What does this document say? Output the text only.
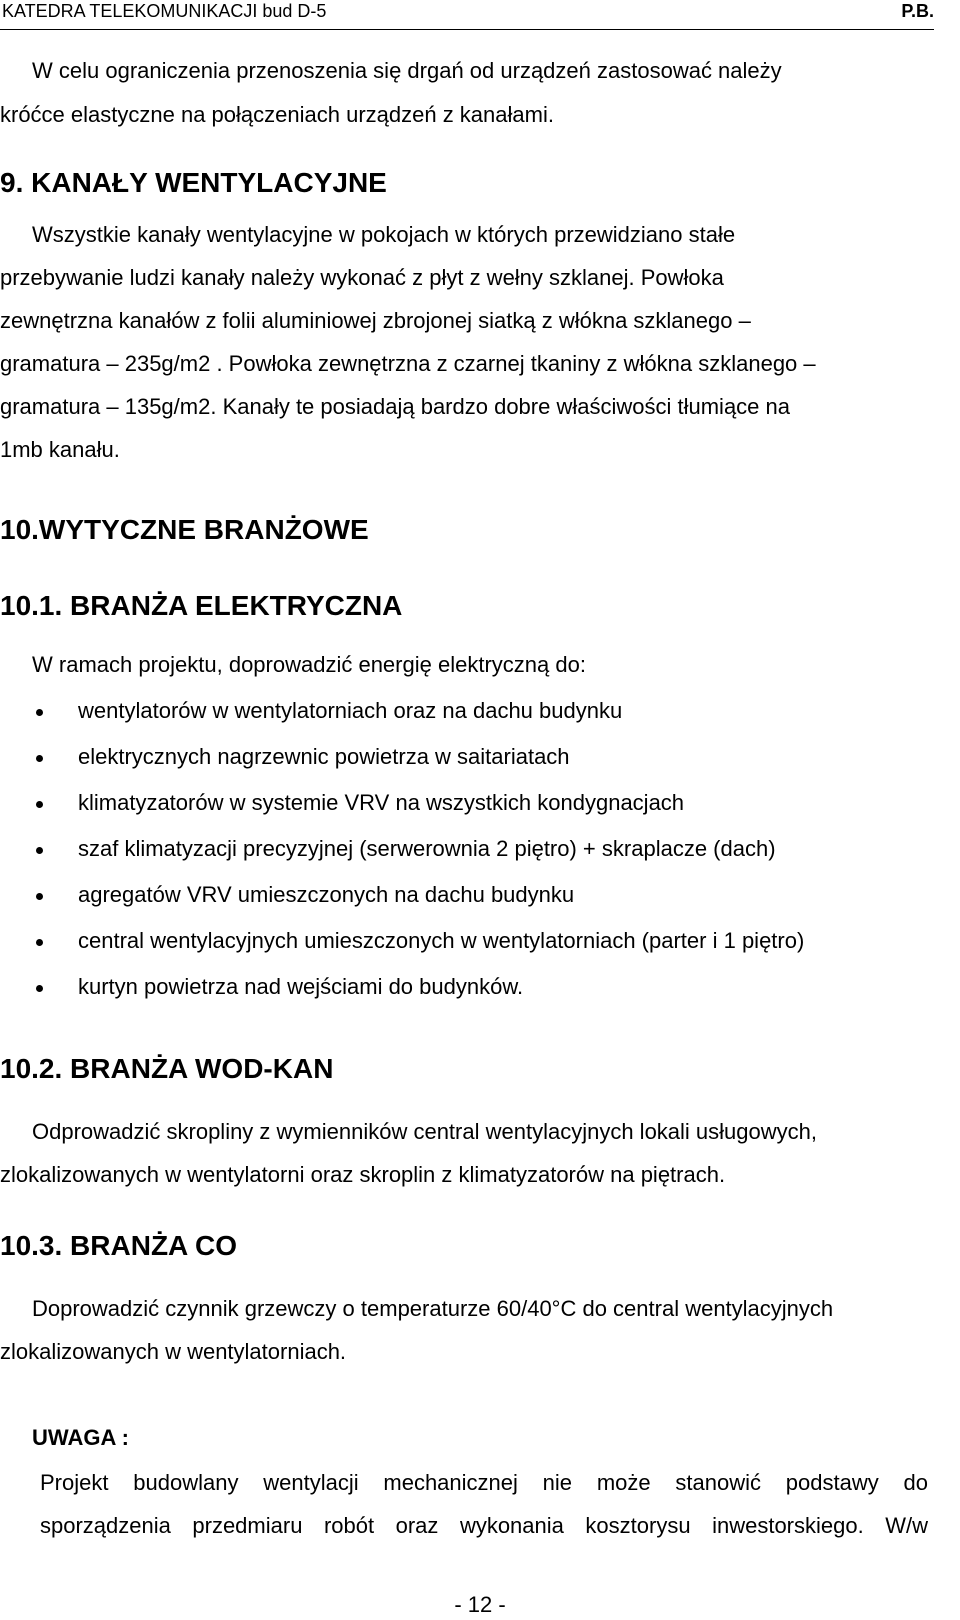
KATEDRA TELEKOMUNIKACJI bud D-5	P.B.
W celu ograniczenia przenoszenia się drgań od urządzeń zastosować należy
króćce elastyczne na połączeniach urządzeń z kanałami.
9. KANAŁY WENTYLACYJNE
Wszystkie kanały wentylacyjne w pokojach w których przewidziano stałe
przebywanie ludzi kanały należy wykonać z płyt z wełny szklanej. Powłoka
zewnętrzna kanałów z folii aluminiowej zbrojonej siatką z włókna szklanego –
gramatura – 235g/m2 . Powłoka zewnętrzna z czarnej tkaniny z włókna szklanego –
gramatura – 135g/m2. Kanały te posiadają bardzo dobre właściwości tłumiące na
1mb kanału.
10.WYTYCZNE BRANŻOWE
10.1. BRANŻA ELEKTRYCZNA
W ramach projektu, doprowadzić energię elektryczną do:
wentylatorów w wentylatorniach oraz na dachu budynku
elektrycznych nagrzewnic powietrza w saitariatach
klimatyzatorów w systemie VRV na wszystkich kondygnacjach
szaf klimatyzacji precyzyjnej (serwerownia 2 piętro) + skraplacze (dach)
agregatów VRV umieszczonych na dachu budynku
central wentylacyjnych umieszczonych w wentylatorniach (parter i 1 piętro)
kurtyn powietrza nad wejściami do budynków.
10.2. BRANŻA WOD-KAN
Odprowadzić skropliny z wymienników central wentylacyjnych lokali usługowych,
zlokalizowanych w wentylatorni oraz skroplin z klimatyzatorów na piętrach.
10.3. BRANŻA CO
Doprowadzić czynnik grzewczy o temperaturze 60/40°C do central wentylacyjnych
zlokalizowanych w wentylatorniach.
UWAGA :
Projekt budowlany wentylacji mechanicznej nie może stanowić podstawy do
sporządzenia przedmiaru robót oraz wykonania kosztorysu inwestorskiego. W/w
- 12 -
